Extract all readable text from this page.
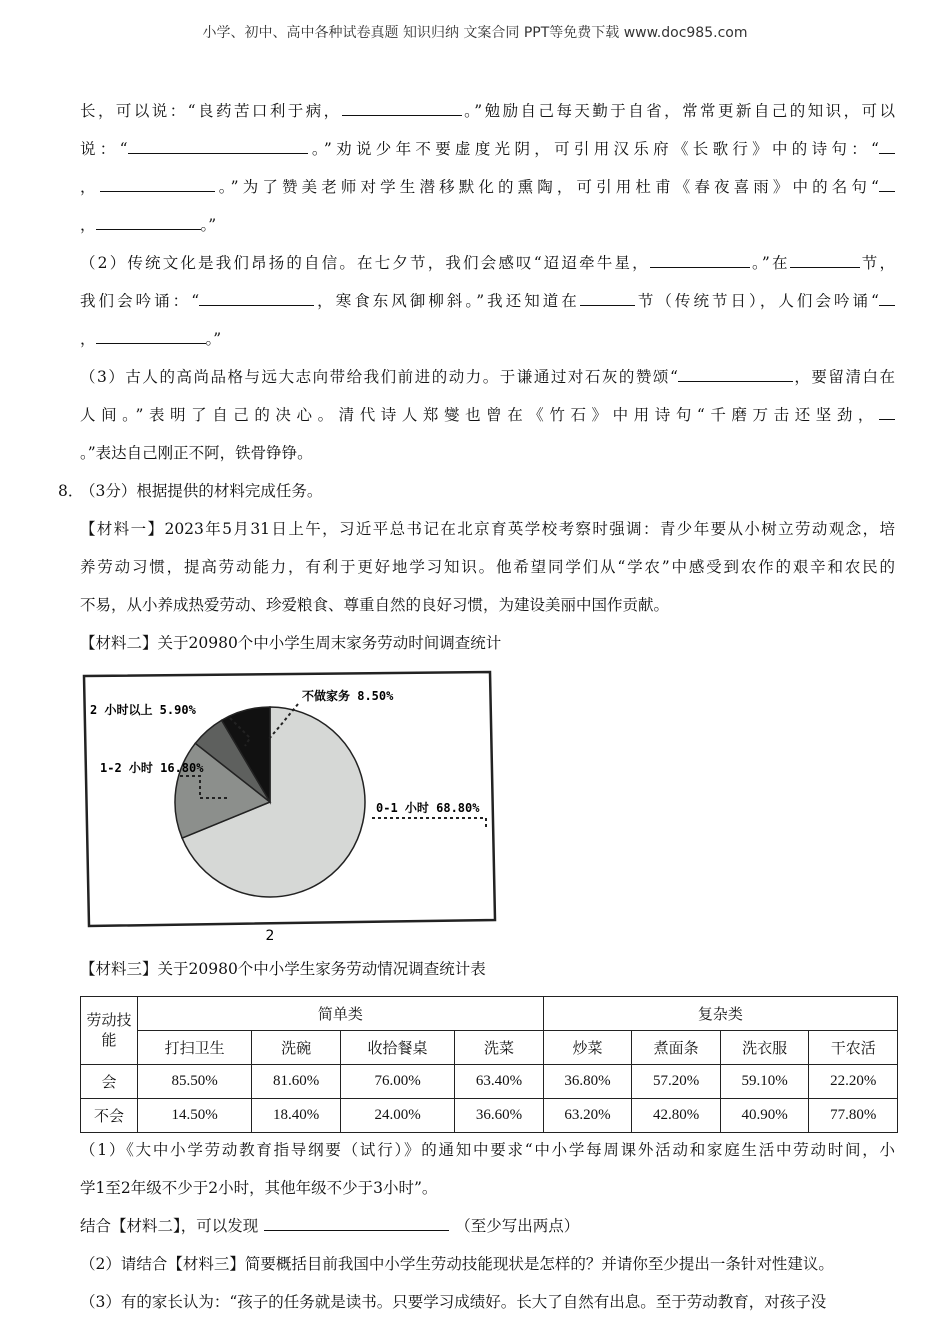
小学、初中、高中各种试卷真题 知识归纳 文案合同 PPT等免费下载 www.doc985.com
长，可以说：“良药苦口利于病，	。”勉励自己每天勤于自省，常常更新自己的知识，可以
说：“	。”劝说少年不要虚度光阴，可引用汉乐府《长歌行》中的诗句：“
，	。”为了赞美老师对学生潜移默化的熏陶，可引用杜甫《春夜喜雨》中的名句“
，	。”
（2）传统文化是我们昂扬的自信。在七夕节，我们会感叹“迢迢牵牛星，	。”在	节，
我们会吟诵：“	，寒食东风御柳斜。”我还知道在	节（传统节日），人们会吟诵“
，	。”
（3）古人的高尚品格与远大志向带给我们前进的动力。于谦通过对石灰的赞颂“	，要留清白在
人间。”表明了自己的决心。清代诗人郑燮也曾在《竹石》中用诗句“千磨万击还坚劲，
。”表达自己刚正不阿，铁骨铮铮。
8．
（3分）根据提供的材料完成任务。
【材料一】2023年5月31日上午，习近平总书记在北京育英学校考察时强调：青少年要从小树立劳动观念，培
养劳动习惯，提高劳动能力，有利于更好地学习知识。他希望同学们从“学农”中感受到农作的艰辛和农民的
不易，从小养成热爱劳动、珍爱粮食、尊重自然的良好习惯，为建设美丽中国作贡献。
【材料二】关于20980个中小学生周末家务劳动时间调查统计
0-1 小时 68.80%
1-2 小时 16.80%
2 小时以上 5.90%
不做家务 8.50%
2
【材料三】关于20980个中小学生家务劳动情况调查统计表
劳动技能	简单类				复杂类			
	打扫卫生	洗碗	收拾餐桌	洗菜	炒菜	煮面条	洗衣服	干农活
会	85.50%	81.60%	76.00%	63.40%	36.80%	57.20%	59.10%	22.20%
不会	14.50%	18.40%	24.00%	36.60%	63.20%	42.80%	40.90%	77.80%
（1）《大中小学劳动教育指导纲要（试行）》的通知中要求“中小学每周课外活动和家庭生活中劳动时间，小
学1至2年级不少于2小时，其他年级不少于3小时”。
结合【材料二】，可以发现	（至少写出两点）
（2）请结合【材料三】简要概括目前我国中小学生劳动技能现状是怎样的？并请你至少提出一条针对性建议。
（3）有的家长认为：“孩子的任务就是读书。只要学习成绩好。长大了自然有出息。至于劳动教育，对孩子没
